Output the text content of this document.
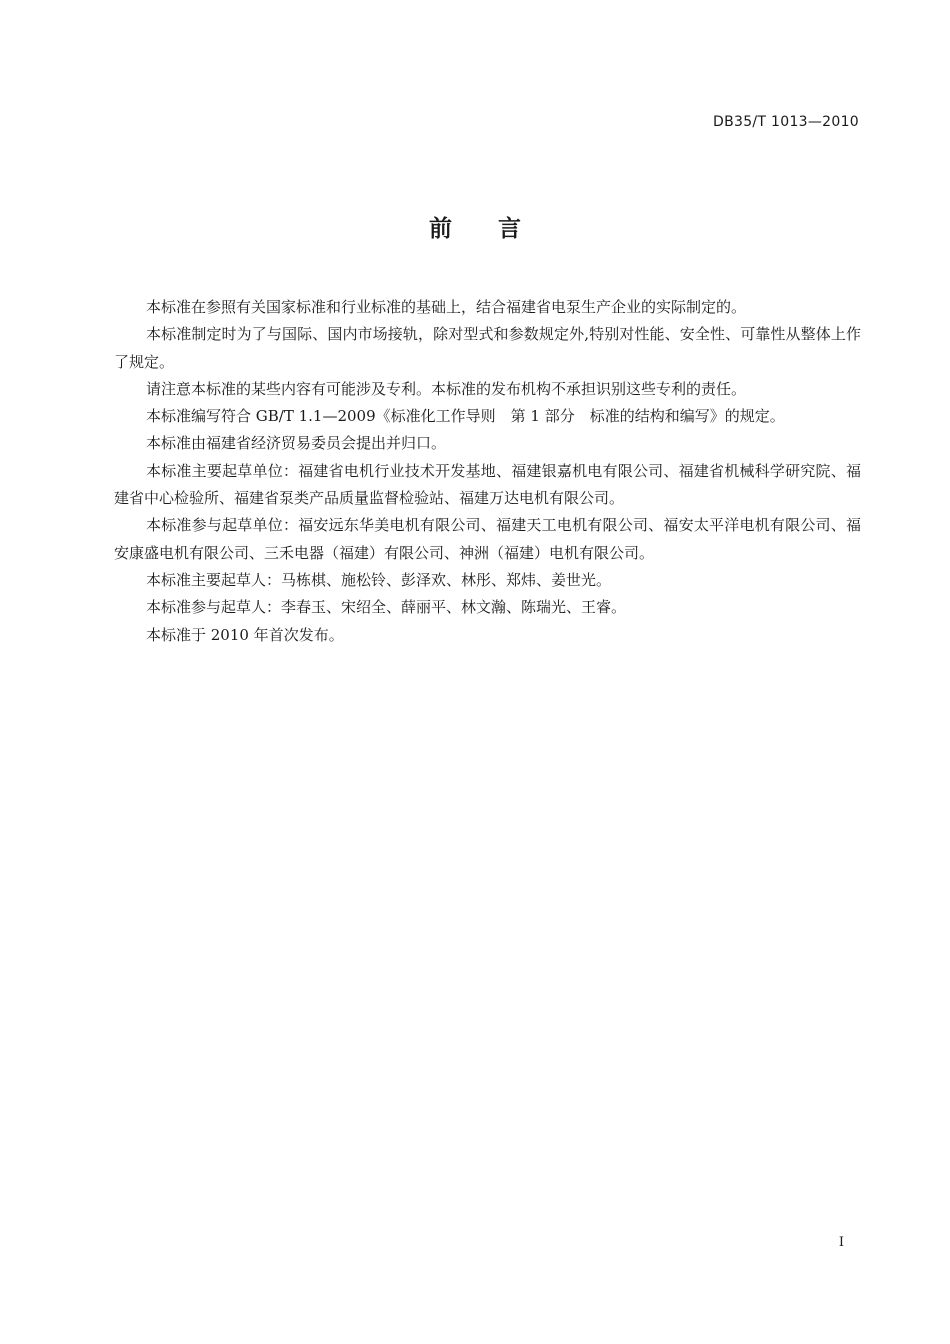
DB35/T 1013—2010
前 言

本标准在参照有关国家标准和行业标准的基础上，结合福建省电泵生产企业的实际制定的。

本标准制定时为了与国际、国内市场接轨，除对型式和参数规定外,特别对性能、安全性、可靠性从整体上作了规定。

请注意本标准的某些内容有可能涉及专利。本标准的发布机构不承担识别这些专利的责任。

本标准编写符合 GB/T 1.1—2009《标准化工作导则　第 1 部分　标准的结构和编写》的规定。

本标准由福建省经济贸易委员会提出并归口。

本标准主要起草单位：福建省电机行业技术开发基地、福建银嘉机电有限公司、福建省机械科学研究院、福建省中心检验所、福建省泵类产品质量监督检验站、福建万达电机有限公司。

本标准参与起草单位：福安远东华美电机有限公司、福建天工电机有限公司、福安太平洋电机有限公司、福安康盛电机有限公司、三禾电器（福建）有限公司、神洲（福建）电机有限公司。

本标准主要起草人：马栋棋、施松铃、彭泽欢、林彤、郑炜、姜世光。

本标准参与起草人：李春玉、宋绍全、薛丽平、林文瀚、陈瑞光、王睿。

本标准于 2010 年首次发布。

I
